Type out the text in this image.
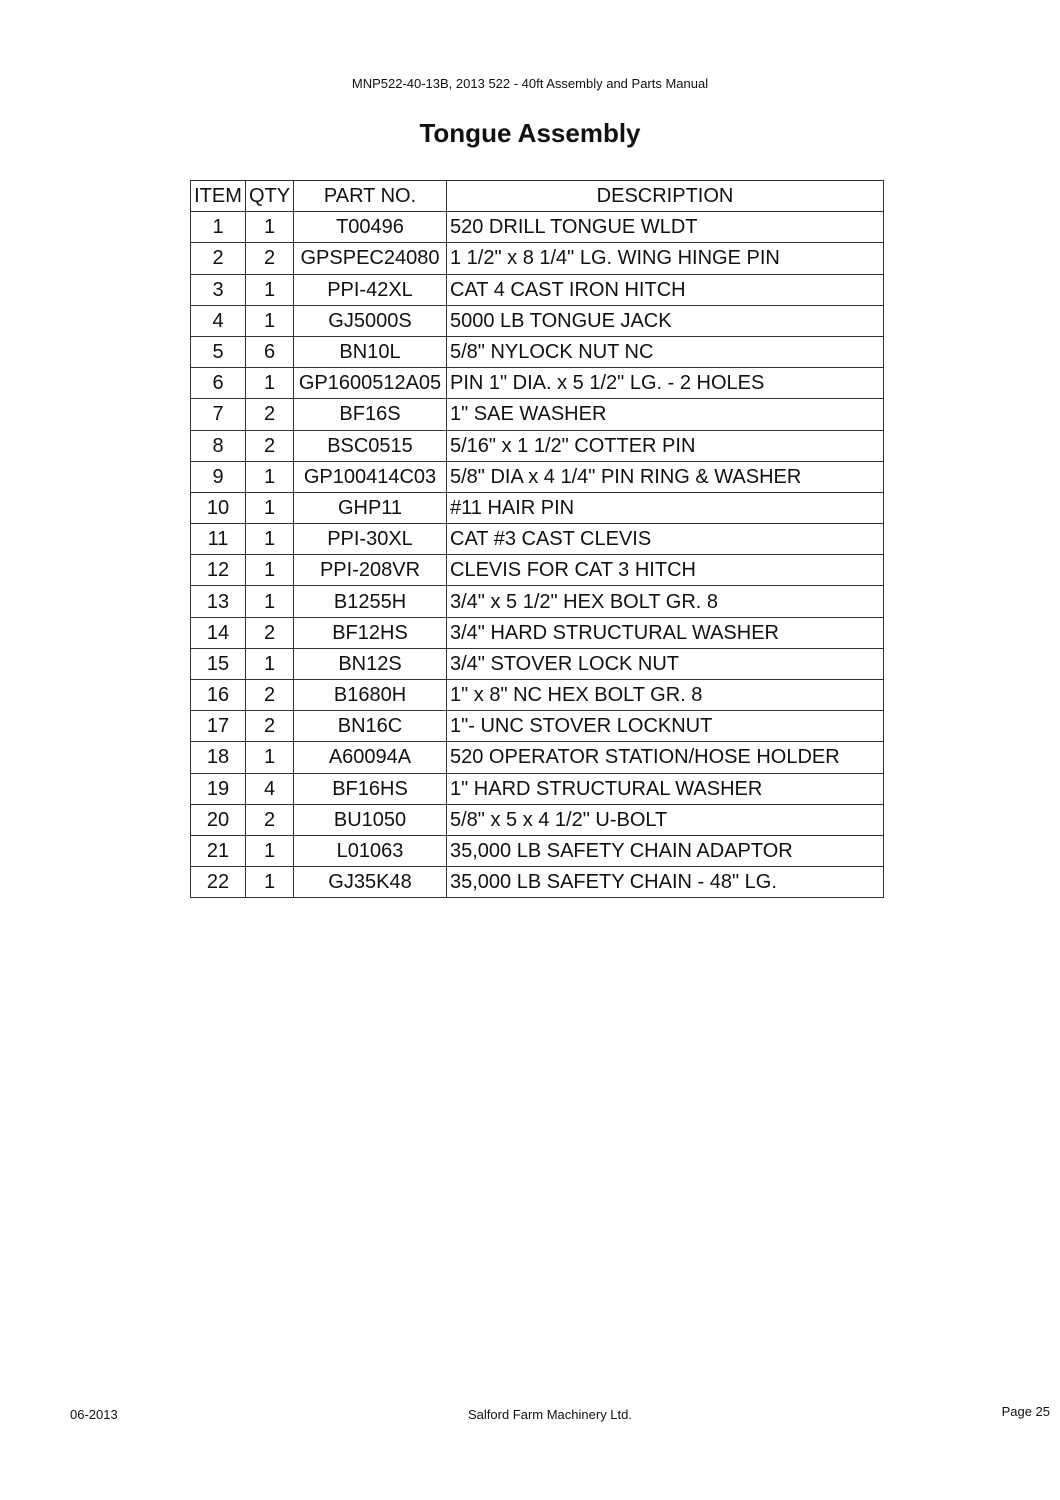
MNP522-40-13B, 2013 522 - 40ft Assembly and Parts Manual
Tongue Assembly
ITEM	QTY	PART NO.	DESCRIPTION
1	1	T00496	520 DRILL TONGUE WLDT
2	2	GPSPEC24080	1 1/2" x 8 1/4" LG. WING HINGE PIN
3	1	PPI-42XL	CAT 4 CAST IRON HITCH
4	1	GJ5000S	5000 LB TONGUE JACK
5	6	BN10L	5/8" NYLOCK NUT NC
6	1	GP1600512A05	PIN 1" DIA. x 5 1/2" LG. - 2 HOLES
7	2	BF16S	1" SAE WASHER
8	2	BSC0515	5/16" x 1 1/2" COTTER PIN
9	1	GP100414C03	5/8" DIA x 4 1/4" PIN RING & WASHER
10	1	GHP11	#11 HAIR PIN
11	1	PPI-30XL	CAT #3 CAST CLEVIS
12	1	PPI-208VR	CLEVIS FOR CAT 3 HITCH
13	1	B1255H	3/4" x 5 1/2" HEX BOLT GR. 8
14	2	BF12HS	3/4" HARD STRUCTURAL WASHER
15	1	BN12S	3/4" STOVER LOCK NUT
16	2	B1680H	1" x 8" NC HEX BOLT GR. 8
17	2	BN16C	1"- UNC STOVER LOCKNUT
18	1	A60094A	520 OPERATOR STATION/HOSE HOLDER
19	4	BF16HS	1" HARD STRUCTURAL WASHER
20	2	BU1050	5/8" x 5 x 4 1/2" U-BOLT
21	1	L01063	35,000 LB SAFETY CHAIN ADAPTOR
22	1	GJ35K48	35,000 LB SAFETY CHAIN - 48" LG.
06-2013	Salford Farm Machinery Ltd.	Page 25
